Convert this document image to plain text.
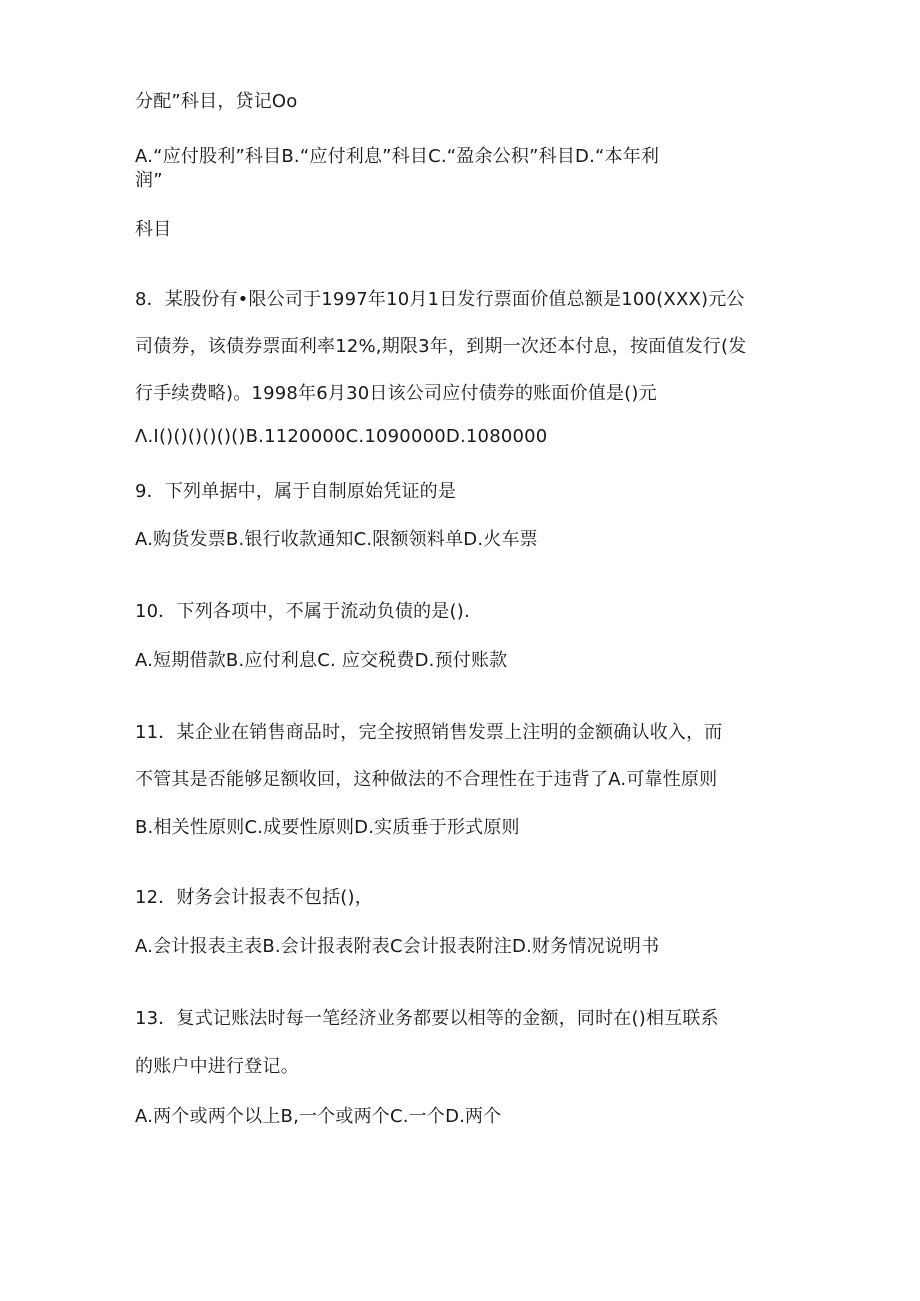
分配”科目，贷记Oo
A.“应付股利”科目B.“应付利息”科目C.“盈余公积”科目D.“本年利
润”
科目
8．某股份有•限公司于1997年10月1日发行票面价值总额是100(XXX)元公
司债券，该债券票面利率12%,期限3年，到期一次还本付息，按面值发行(发
行手续费略)。1998年6月30日该公司应付债券的账面价值是()元
Λ.I()()()()()()B.1120000C.1090000D.1080000
9．下列单据中，属于自制原始凭证的是
A.购货发票B.银行收款通知C.限额领料单D.火车票
10．下列各项中，不属于流动负债的是().
A.短期借款B.应付利息C. 应交税费D.预付账款
11．某企业在销售商品时，完全按照销售发票上注明的金额确认收入，而
不管其是否能够足额收回，这种做法的不合理性在于违背了A.可靠性原则
B.相关性原则C.成要性原则D.实质垂于形式原则
12．财务会计报表不包括()，
A.会计报表主表B.会计报表附表C会计报表附注D.财务情况说明书
13．复式记账法时每一笔经济业务都要以相等的金额，同时在()相互联系
的账户中进行登记。
A.两个或两个以上B,一个或两个C.一个D.两个
